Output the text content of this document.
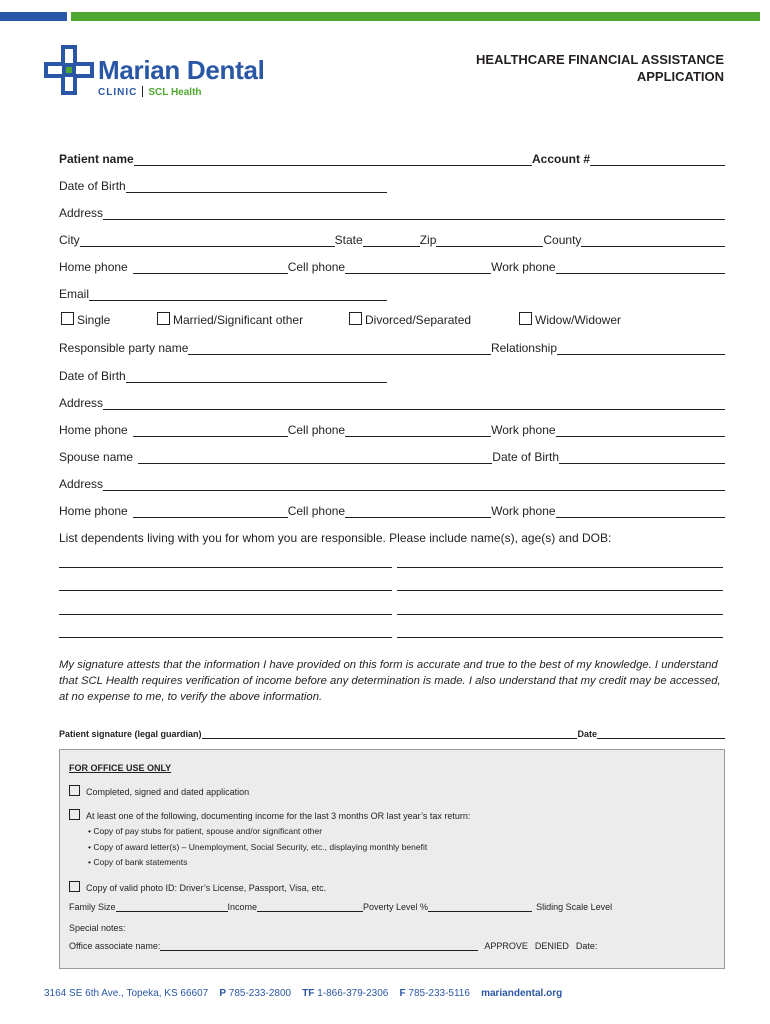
Marian Dental
CLINIC SCL Health
HEALTHCARE FINANCIAL ASSISTANCE
APPLICATION
Patient name	Account #
Date of Birth
Address
City	State	Zip	County
Home phone	Cell phone	Work phone
Email
Single	Married/Significant other	Divorced/Separated	Widow/Widower
Responsible party name	Relationship
Date of Birth
Address
Home phone	Cell phone	Work phone
Spouse name	Date of Birth
Address
Home phone	Cell phone	Work phone
List dependents living with you for whom you are responsible. Please include name(s), age(s) and DOB:
My signature attests that the information I have provided on this form is accurate and true to the best of my knowledge. I understand that SCL Health requires verification of income before any determination is made. I also understand that my credit may be accessed, at no expense to me, to verify the above information.
Patient signature (legal guardian)	Date
FOR OFFICE USE ONLY
Completed, signed and dated application
At least one of the following, documenting income for the last 3 months OR last year’s tax return:
• Copy of pay stubs for patient, spouse and/or significant other
• Copy of award letter(s) – Unemployment, Social Security, etc., displaying monthly benefit
• Copy of bank statements
Copy of valid photo ID: Driver’s License, Passport, Visa, etc.
Family Size	Income	Poverty Level %	Sliding Scale Level
Special notes:
Office associate name:	APPROVE DENIED Date:
3164 SE 6th Ave., Topeka, KS 66607 P 785-233-2800 TF 1-866-379-2306 F 785-233-5116 mariandental.org
